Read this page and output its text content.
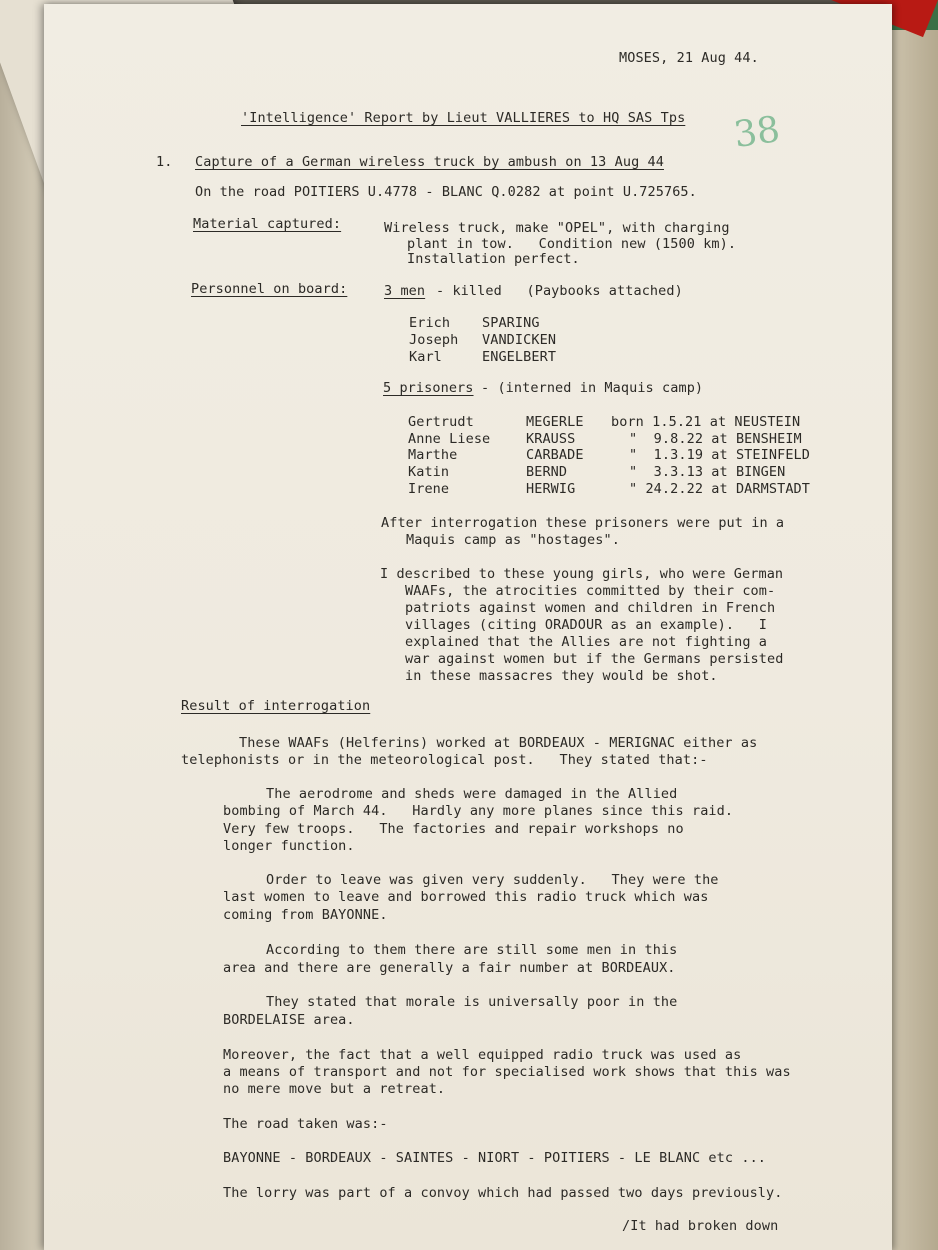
MOSES, 21 Aug 44.
'Intelligence' Report by Lieut VALLIERES to HQ SAS Tps 38
1. Capture of a German wireless truck by ambush on 13 Aug 44
On the road POITIERS U.4778 - BLANC Q.0282 at point U.725765.
Material captured:	Wireless truck, make "OPEL", with charging
plant in tow.   Condition new (1500 km).
Installation perfect.
Personnel on board:	3 men - killed   (Paybooks attached)
Erich SPARING
Joseph VANDICKEN
Karl	ENGELBERT
5 prisoners - (interned in Maquis camp)
Gertrudt	MEGERLE born 1.5.21 at NEUSTEIN
Anne Liese	KRAUSS	"  9.8.22 at BENSHEIM
Marthe	CARBADE	"  1.3.19 at STEINFELD
Katin	BERND	"  3.3.13 at BINGEN
Irene	HERWIG	" 24.2.22 at DARMSTADT
After interrogation these prisoners were put in a
Maquis camp as "hostages".
I described to these young girls, who were German
WAAFs, the atrocities committed by their com-
patriots against women and children in French
villages (citing ORADOUR as an example).   I
explained that the Allies are not fighting a
war against women but if the Germans persisted
in these massacres they would be shot.
Result of interrogation
These WAAFs (Helferins) worked at BORDEAUX - MERIGNAC either as
telephonists or in the meteorological post.   They stated that:-
The aerodrome and sheds were damaged in the Allied
bombing of March 44.   Hardly any more planes since this raid.
Very few troops.   The factories and repair workshops no
longer function.
Order to leave was given very suddenly.   They were the
last women to leave and borrowed this radio truck which was
coming from BAYONNE.
According to them there are still some men in this
area and there are generally a fair number at BORDEAUX.
They stated that morale is universally poor in the
BORDELAISE area.
Moreover, the fact that a well equipped radio truck was used as
a means of transport and not for specialised work shows that this was
no mere move but a retreat.
The road taken was:-
BAYONNE - BORDEAUX - SAINTES - NIORT - POITIERS - LE BLANC etc ...
The lorry was part of a convoy which had passed two days previously.
/It had broken down
